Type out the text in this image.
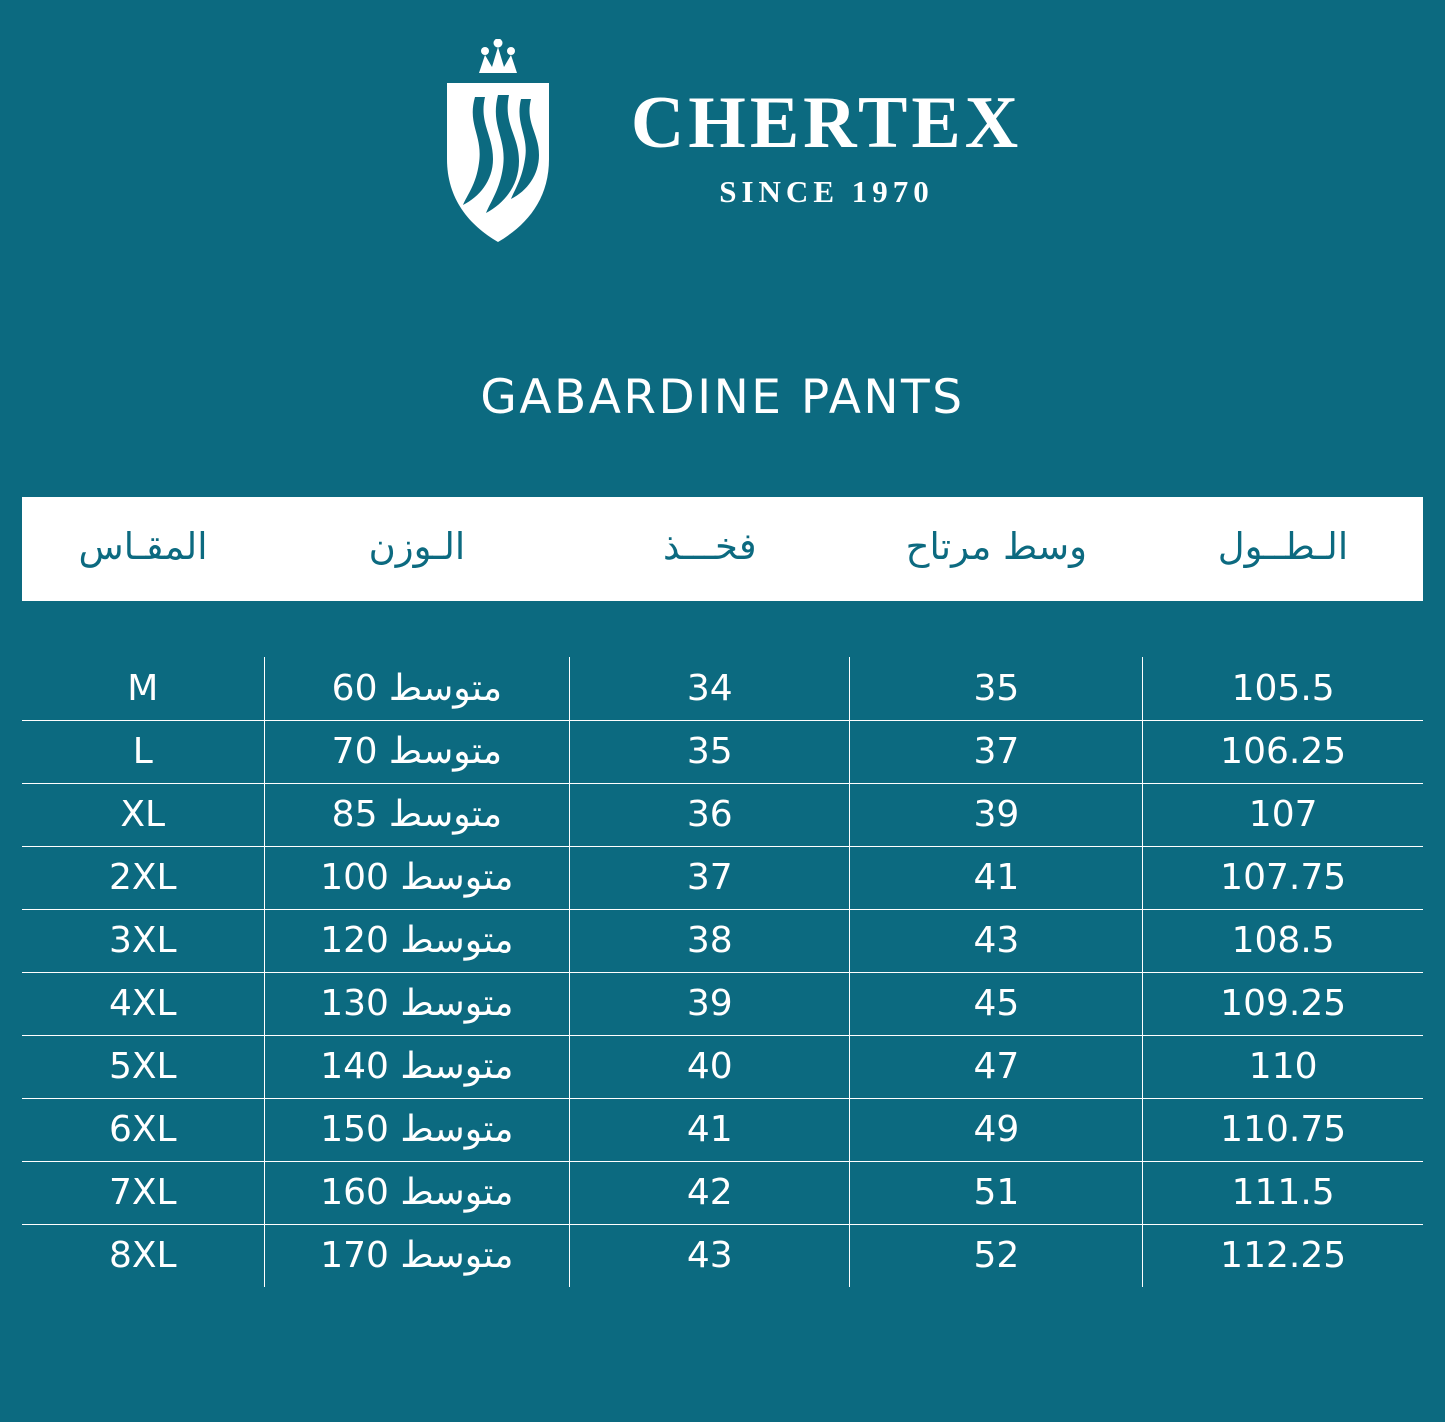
CHERTEX
SINCE 1970
GABARDINE PANTS
الـطــول	وسط مرتاح	فخـــذ	الـوزن	المقـاس

105.5	35	34	متوسط 60	M
106.25	37	35	متوسط 70	L
107	39	36	متوسط 85	XL
107.75	41	37	متوسط 100	2XL
108.5	43	38	متوسط 120	3XL
109.25	45	39	متوسط 130	4XL
110	47	40	متوسط 140	5XL
110.75	49	41	متوسط 150	6XL
111.5	51	42	متوسط 160	7XL
112.25	52	43	متوسط 170	8XL
